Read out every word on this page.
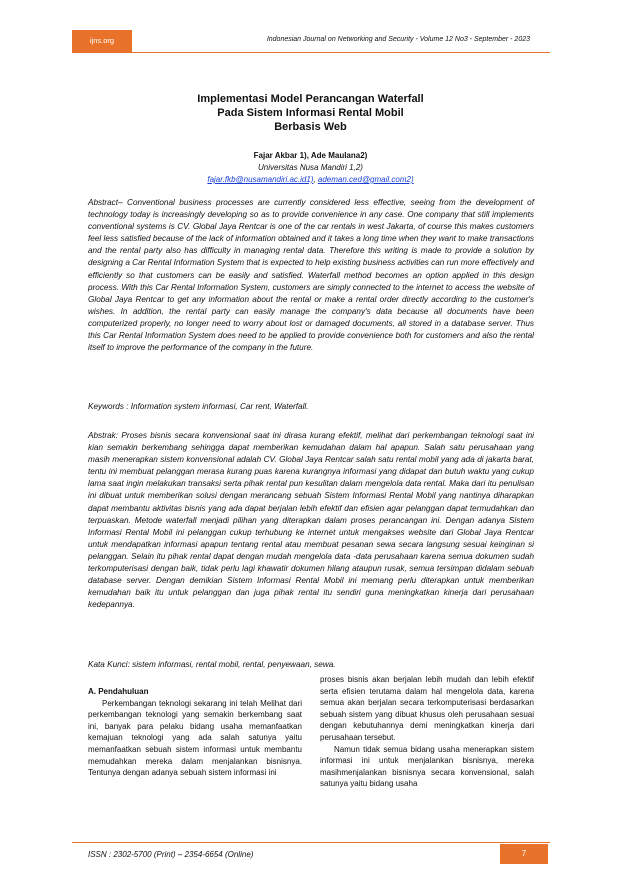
ijns.org	Indonesian Journal on Networking and Security - Volume 12 No3 - September - 2023
Implementasi Model Perancangan Waterfall
Pada Sistem Informasi Rental Mobil
Berbasis Web
Fajar Akbar 1), Ade Maulana2)
Universitas Nusa Mandiri 1,2)
fajar.fkb@nusamandiri.ac.id1), ademan.ced@gmail.com2)
Abstract– Conventional business processes are currently considered less effective, seeing from the development of technology today is increasingly developing so as to provide convenience in any case. One company that still implements conventional systems is CV. Global Jaya Rentcar is one of the car rentals in west Jakarta, of course this makes customers feel less satisfied because of the lack of information obtained and it takes a long time when they want to make transactions and the rental party also has difficulty in managing rental data. Therefore this writing is made to provide a solution by designing a Car Rental Information System that is expected to help existing business activities can run more effectively and efficiently so that customers can be easily and satisfied. Waterfall method becomes an option applied in this design process. With this Car Rental Information System, customers are simply connected to the internet to access the website of Global Jaya Rentcar to get any information about the rental or make a rental order directly according to the customer's wishes. In addition, the rental party can easily manage the company's data because all documents have been computerized properly, no longer need to worry about lost or damaged documents, all stored in a database server. Thus this Car Rental Information System does need to be applied to provide convenience both for customers and also the rental itself to improve the performance of the company in the future.
Keywords : Information system informasi, Car rent, Waterfall.
Abstrak: Proses bisnis secara konvensional saat ini dirasa kurang efektif, melihat dari perkembangan teknologi saat ini kian semakin berkembang sehingga dapat memberikan kemudahan dalam hal apapun. Salah satu perusahaan yang masih menerapkan sistem konvensional adalah CV. Global Jaya Rentcar salah satu rental mobil yang ada di jakarta barat, tentu ini membuat pelanggan merasa kurang puas karena kurangnya informasi yang didapat dan butuh waktu yang cukup lama saat ingin melakukan transaksi serta pihak rental pun kesulitan dalam mengelola data rental. Maka dari itu penulisan ini dibuat untuk memberikan solusi dengan merancang sebuah Sistem Informasi Rental Mobil yang nantinya diharapkan dapat membantu aktivitas bisnis yang ada dapat berjalan lebih efektif dan efisien agar pelanggan dapat termudahkan dan terpuaskan. Metode waterfall menjadi pilihan yang diterapkan dalam proses perancangan ini. Dengan adanya Sistem Informasi Rental Mobil ini pelanggan cukup terhubung ke internet untuk mengakses website dari Global Jaya Rentcar untuk mendapatkan informasi apapun tentang rental atau membuat pesanan sewa secara langsung sesuai keinginan si pelanggan. Selain itu pihak rental dapat dengan mudah mengelola data -data perusahaan karena semua dokumen sudah terkomputerisasi dengan baik, tidak perlu lagi khawatir dokumen hilang ataupun rusak, semua tersimpan didalam sebuah database server. Dengan demikian Sistem Informasi Rental Mobil ini memang perlu diterapkan untuk memberikan kemudahan baik itu untuk pelanggan dan juga pihak rental itu sendiri guna meningkatkan kinerja dari perusahaan kedepannya.
Kata Kunci: sistem informasi, rental mobil, rental, penyewaan, sewa.

A. Pendahuluan

Perkembangan teknologi sekarang ini telah Melihat dari perkembangan teknologi yang semakin berkembang saat ini, banyak para pelaku bidang usaha memanfaatkan kemajuan teknologi yang ada salah satunya yaitu memanfaatkan sebuah sistem informasi untuk membantu memudahkan mereka dalam menjalankan bisnisnya. Tentunya dengan adanya sebuah sistem informasi ini

proses bisnis akan berjalan lebih mudah dan lebih efektif serta efisien terutama dalam hal mengelola data, karena semua akan berjalan secara terkomputerisasi berdasarkan sebuah sistem yang dibuat khusus oleh perusahaan sesuai dengan kebutuhannya demi meningkatkan kinerja dari perusahaan tersebut.

Namun tidak semua bidang usaha menerapkan sistem informasi ini untuk menjalankan bisnisnya, mereka masihmenjalankan bisnisnya secara konvensional, salah satunya yaitu bidang usaha

ISSN : 2302-5700 (Print) – 2354-6654 (Online)	7
